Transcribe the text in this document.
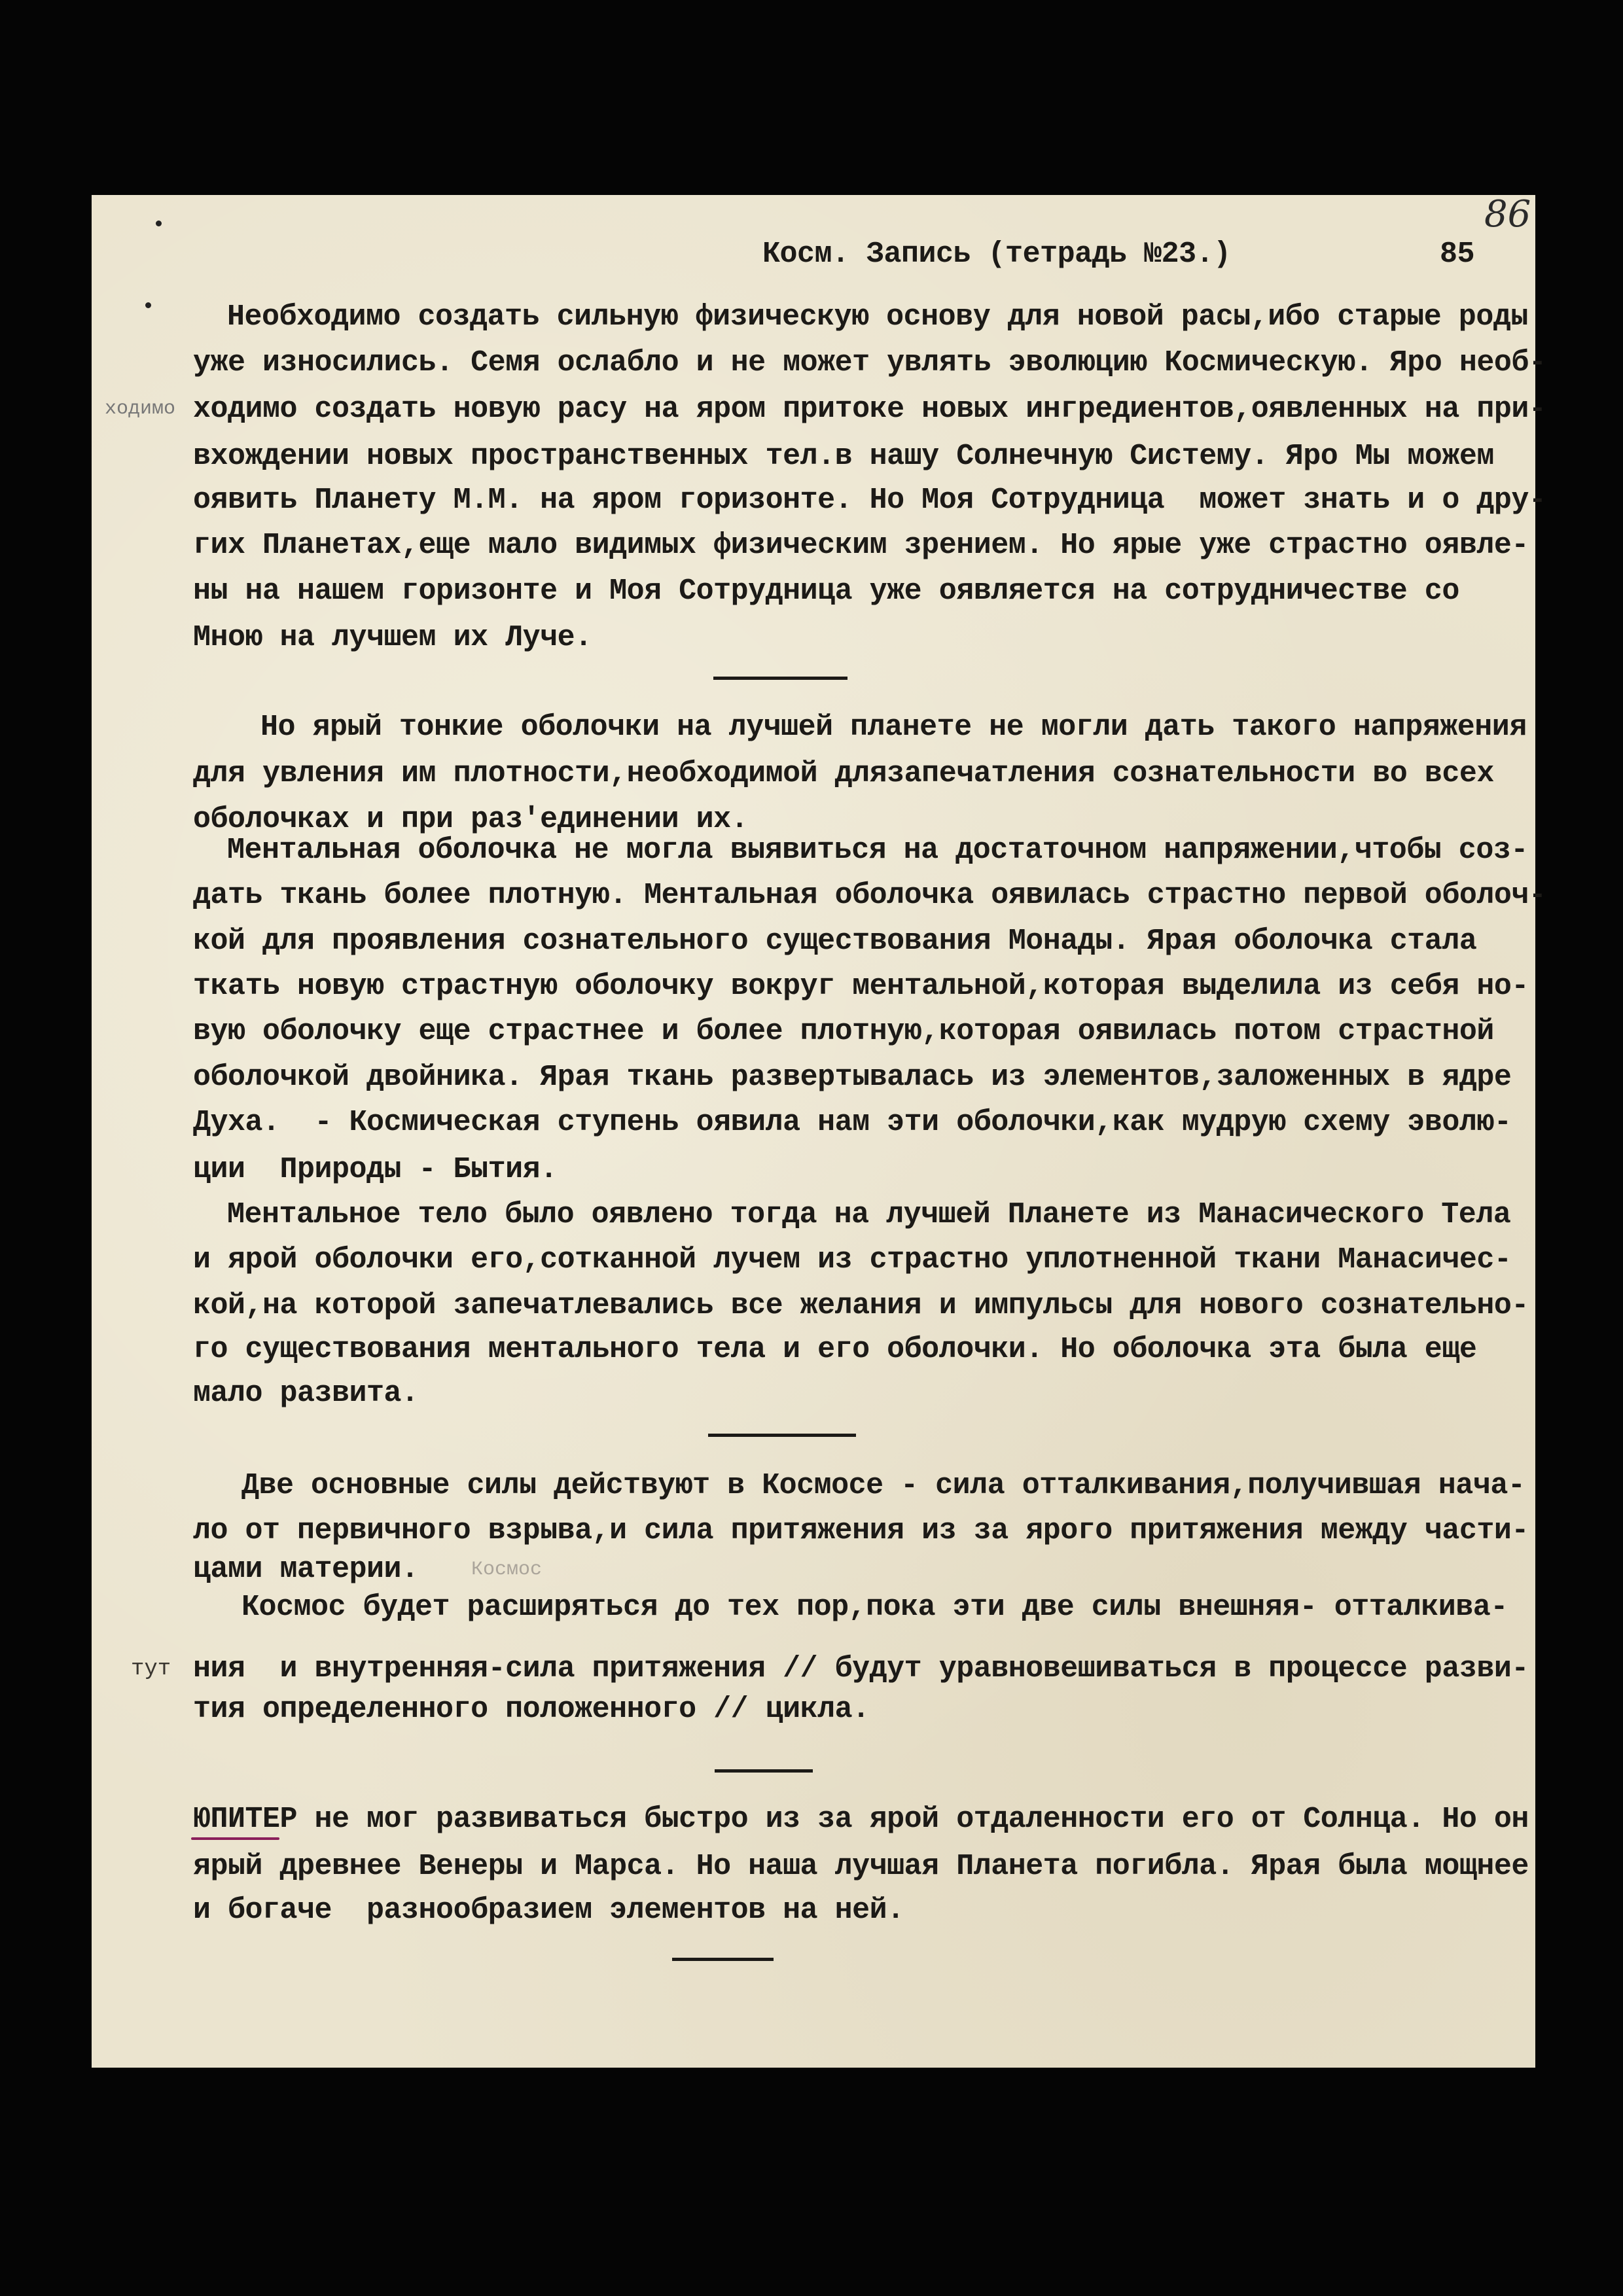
Косм. Запись (тетрадь №23.)	85
86
Необходимо создать сильную физическую основу для новой расы,ибо старые роды
уже износились. Семя ослабло и не может увлять эволюцию Космическую. Яро необ-
ходимо создать новую расу на яром притоке новых ингредиентов,оявленных на при-
вхождении новых пространственных тел.в нашу Солнечную Систему. Яро Мы можем
оявить Планету М.М. на яром горизонте. Но Моя Сотрудница  может знать и о дру-
гих Планетах,еще мало видимых физическим зрением. Но ярые уже страстно оявле-
ны на нашем горизонте и Моя Сотрудница уже оявляется на сотрудничестве со
Мною на лучшем их Луче.
Но ярый тонкие оболочки на лучшей планете не могли дать такого напряжения
для увления им плотности,необходимой длязапечатления сознательности во всех
оболочках и при раз'единении их.
Ментальная оболочка не могла выявиться на достаточном напряжении,чтобы соз-
дать ткань более плотную. Ментальная оболочка оявилась страстно первой оболоч-
кой для проявления сознательного существования Монады. Ярая оболочка стала
ткать новую страстную оболочку вокруг ментальной,которая выделила из себя но-
вую оболочку еще страстнее и более плотную,которая оявилась потом страстной
оболочкой двойника. Ярая ткань развертывалась из элементов,заложенных в ядре
Духа.  - Космическая ступень оявила нам эти оболочки,как мудрую схему эволю-
ции  Природы - Бытия.
Ментальное тело было оявлено тогда на лучшей Планете из Манасического Тела
и ярой оболочки его,сотканной лучем из страстно уплотненной ткани Манасичес-
кой,на которой запечатлевались все желания и импульсы для нового сознательно-
го существования ментального тела и его оболочки. Но оболочка эта была еще
мало развита.
Две основные силы действуют в Космосе - сила отталкивания,получившая нача-
ло от первичного взрыва,и сила притяжения из за ярого притяжения между части-
цами материи.
Космос будет расширяться до тех пор,пока эти две силы внешняя- отталкива-
ния  и внутренняя-сила притяжения // будут уравновешиваться в процессе разви-
тия определенного положенного // цикла.
ЮПИТЕР не мог развиваться быстро из за ярой отдаленности его от Солнца. Но он
ярый древнее Венеры и Марса. Но наша лучшая Планета погибла. Ярая была мощнее
и богаче  разнообразием элементов на ней.
ходимо
Космос
тут
